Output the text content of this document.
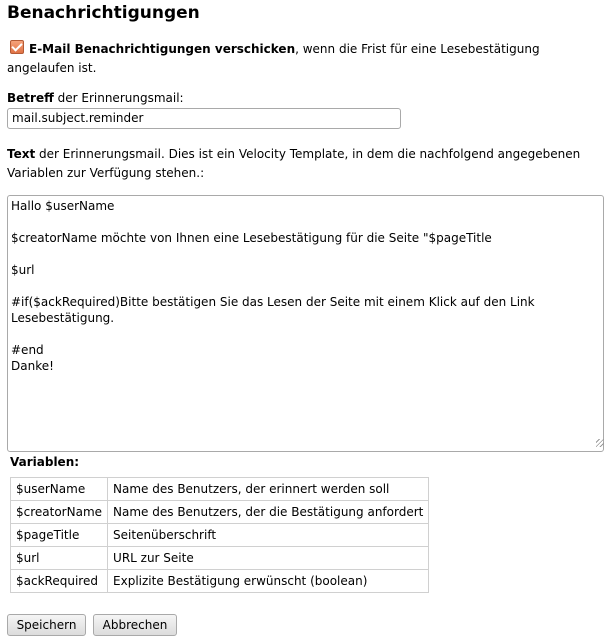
Benachrichtigungen
E-Mail Benachrichtigungen verschicken, wenn die Frist für eine Lesebestätigung angelaufen ist.
Betreff der Erinnerungsmail:
mail.subject.reminder
Text der Erinnerungsmail. Dies ist ein Velocity Template, in dem die nachfolgend angegebenen Variablen zur Verfügung stehen.:
Hallo $userName

$creatorName möchte von Ihnen eine Lesebestätigung für die Seite "$pageTitle

$url

#if($ackRequired)Bitte bestätigen Sie das Lesen der Seite mit einem Klick auf den Link Lesebestätigung.

#end
Danke!
Variablen:
$userName	Name des Benutzers, der erinnert werden soll
$creatorName	Name des Benutzers, der die Bestätigung anfordert
$pageTitle	Seitenüberschrift
$url	URL zur Seite
$ackRequired	Explizite Bestätigung erwünscht (boolean)
Speichern	Abbrechen
